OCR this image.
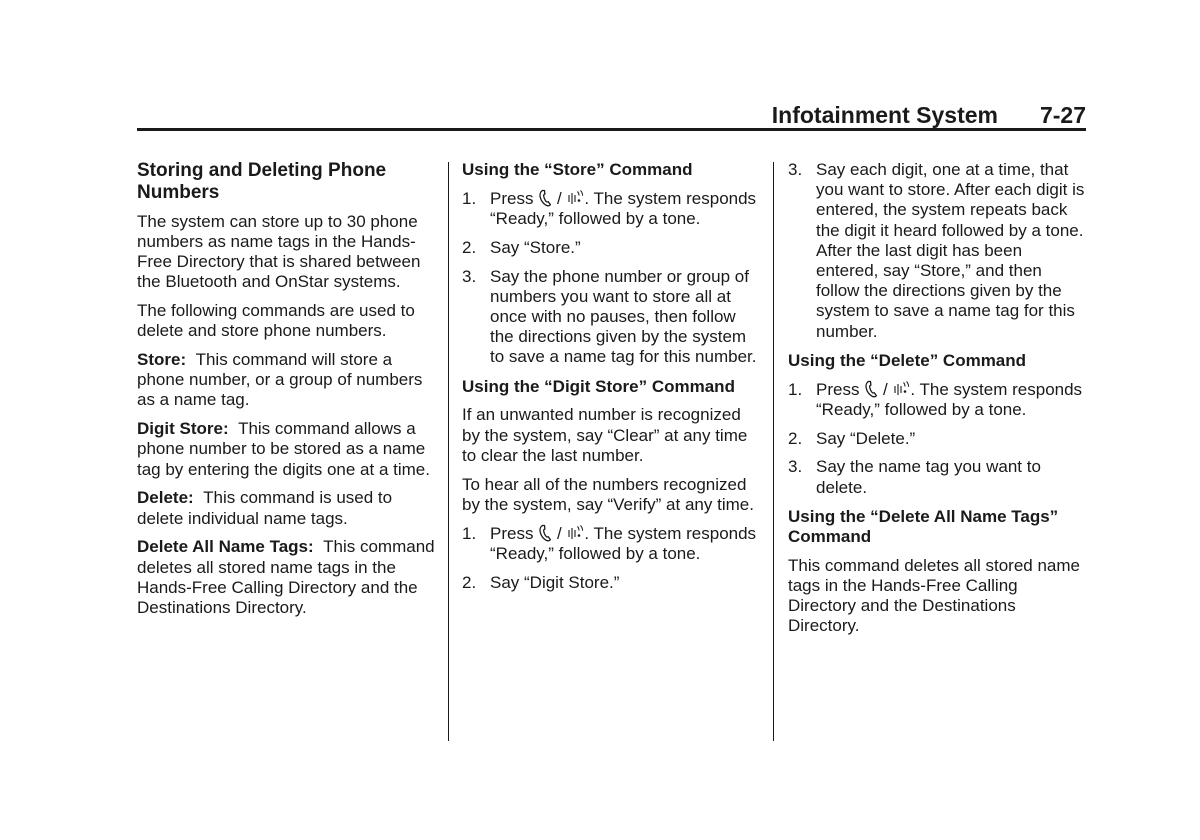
Infotainment System 7-27

Storing and Deleting Phone Numbers

The system can store up to 30 phone numbers as name tags in the Hands-Free Directory that is shared between the Bluetooth and OnStar systems.

The following commands are used to delete and store phone numbers.

Store: This command will store a phone number, or a group of numbers as a name tag.

Digit Store: This command allows a phone number to be stored as a name tag by entering the digits one at a time.

Delete: This command is used to delete individual name tags.

Delete All Name Tags: This command deletes all stored name tags in the Hands-Free Calling Directory and the Destinations Directory.

Using the “Store” Command

1. Press / . The system responds “Ready,” followed by a tone.
2. Say “Store.”
3. Say the phone number or group of numbers you want to store all at once with no pauses, then follow the directions given by the system to save a name tag for this number.

Using the “Digit Store” Command

If an unwanted number is recognized by the system, say “Clear” at any time to clear the last number.

To hear all of the numbers recognized by the system, say “Verify” at any time.

1. Press / . The system responds “Ready,” followed by a tone.
2. Say “Digit Store.”
3. Say each digit, one at a time, that you want to store. After each digit is entered, the system repeats back the digit it heard followed by a tone. After the last digit has been entered, say “Store,” and then follow the directions given by the system to save a name tag for this number.

Using the “Delete” Command

1. Press / . The system responds “Ready,” followed by a tone.
2. Say “Delete.”
3. Say the name tag you want to delete.

Using the “Delete All Name Tags” Command

This command deletes all stored name tags in the Hands-Free Calling Directory and the Destinations Directory.
